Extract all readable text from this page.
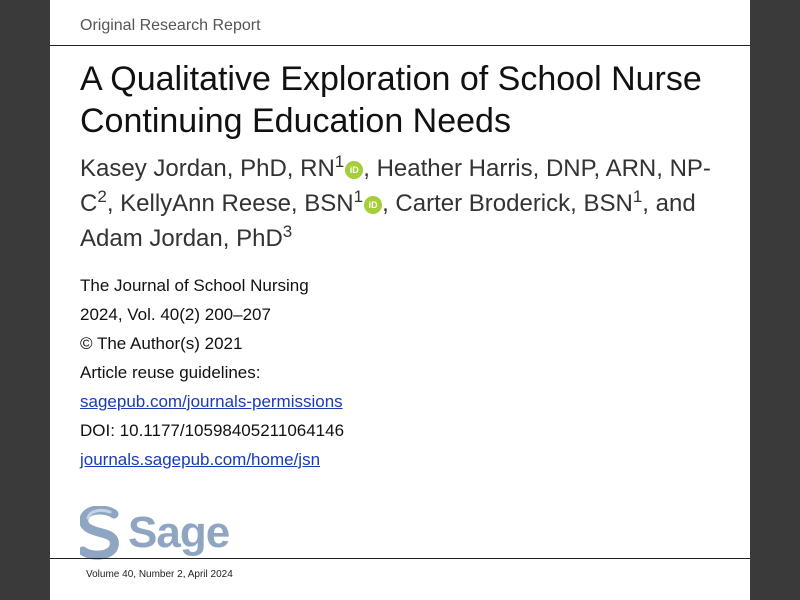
Original Research Report
A Qualitative Exploration of School Nurse Continuing Education Needs
Kasey Jordan, PhD, $RN^1$ iD , Heather Harris, DNP, ARN, $NP-C^2$, KellyAnn Reese, BSN$^1$ iD , Carter Broderick, BSN$^1$, and Adam Jordan, PhD$^3$
The Journal of School Nursing
2024, Vol. 40(2) 200–207
© The Author(s) 2021
Article reuse guidelines:
sagepub.com/journals-permissions
DOI: 10.1177/10598405211064146
journals.sagepub.com/home/jsn
Sage
Volume 40, Number 2, April 2024
